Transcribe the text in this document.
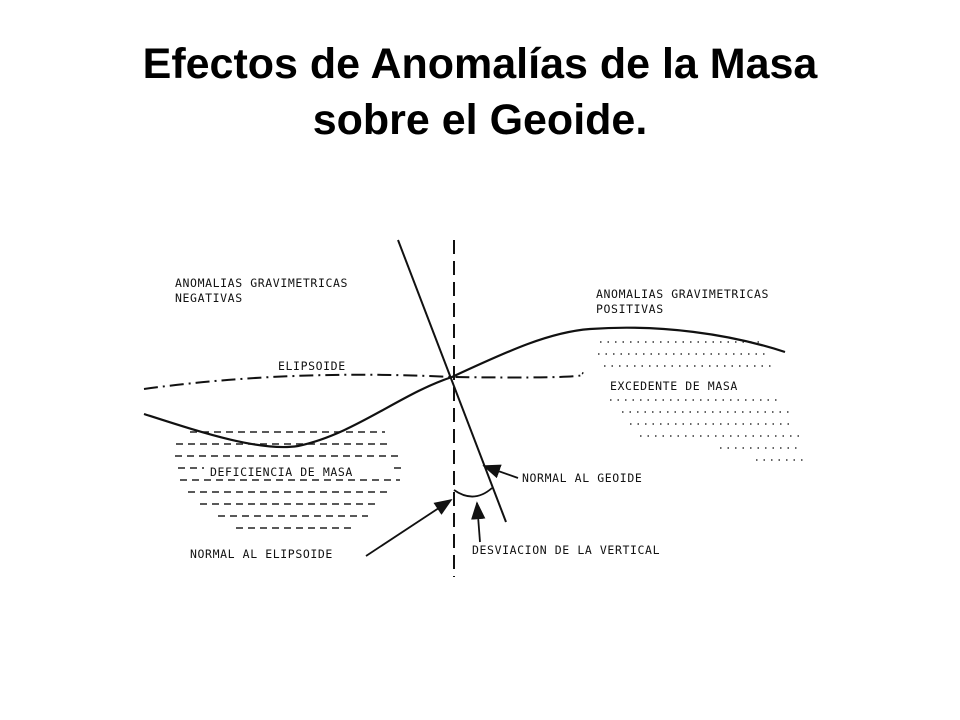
Efectos de Anomalías de la Masa
sobre el Geoide.
ANOMALIAS GRAVIMETRICAS
NEGATIVAS	ANOMALIAS GRAVIMETRICAS
POSITIVAS
ELIPSOIDE
EXCEDENTE DE MASA
DEFICIENCIA DE MASA	NORMAL AL GEOIDE
NORMAL AL ELIPSOIDE	DESVIACION DE LA VERTICAL
